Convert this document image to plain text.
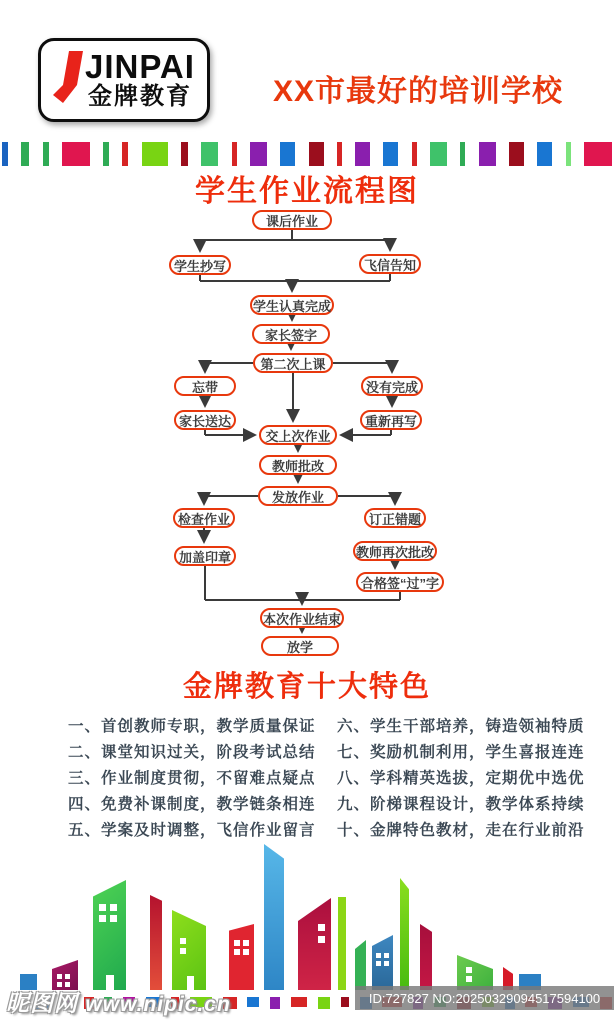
JINPAI
金牌教育	XX市最好的培训学校
学生作业流程图
课后作业
学生抄写	飞信告知
学生认真完成
家长签字
第二次上课
忘带	没有完成
家长送达	重新再写
交上次作业
教师批改
发放作业
检查作业	订正错题
加盖印章	教师再次批改
合格签“过”字
本次作业结束
放学
金牌教育十大特色
一、首创教师专职，教学质量保证
二、课堂知识过关，阶段考试总结
三、作业制度贯彻，不留难点疑点
四、免费补课制度，教学链条相连
五、学案及时调整，飞信作业留言
六、学生干部培养，铸造领袖特质
七、奖励机制利用，学生喜报连连
八、学科精英选拔，定期优中选优
九、阶梯课程设计，教学体系持续
十、金牌特色教材，走在行业前沿
昵图网 www.nipic.cn	ID:727827 NO:20250329094517594100
